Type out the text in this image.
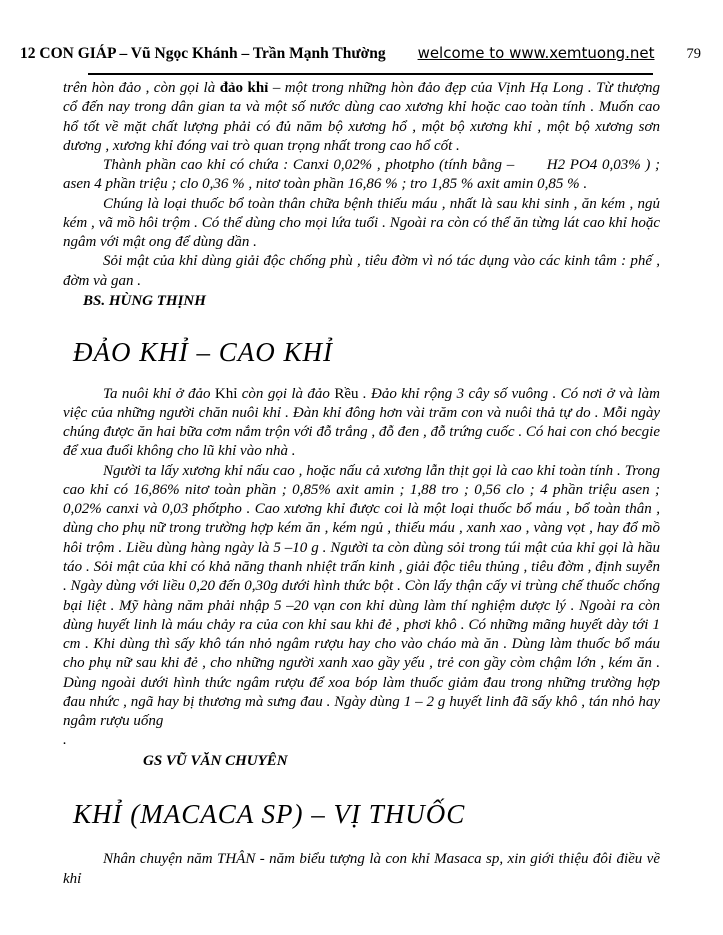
12 CON GIÁP – Vũ Ngọc Khánh – Trần Mạnh Thường welcome to www.xemtuong.net 79

trên hòn đảo , còn gọi là đảo khỉ – một trong những hòn đảo đẹp của Vịnh Hạ Long . Từ thượng cổ đến nay trong dân gian ta và một số nước dùng cao xương khỉ hoặc cao toàn tính . Muốn cao hổ tốt về mặt chất lượng phải có đủ năm bộ xương hổ , một bộ xương khỉ , một bộ xương sơn dương , xương khỉ đóng vai trò quan trọng nhất trong cao hổ cốt .

Thành phần cao khỉ có chứa : Canxi 0,02% , photpho (tính bằng –       H2 PO4 0,03% ) ; asen 4 phần triệu ; clo 0,36 % , nitơ toàn phần 16,86 % ; tro 1,85 % axit amin 0,85 % .

Chúng là loại thuốc bổ toàn thân chữa bệnh thiếu máu , nhất là sau khi sinh , ăn kém , ngủ kém , vã mồ hôi trộm . Có thể dùng cho mọi lứa tuổi . Ngoài ra còn có thể ăn từng lát cao khỉ hoặc ngâm với mật ong để dùng dần .

Sỏi mật của khỉ dùng giải độc chống phù , tiêu đờm vì nó tác dụng vào các kinh tâm : phế , đờm và gan .

BS. HÙNG THỊNH

ĐẢO KHỈ – CAO KHỈ

Ta nuôi khỉ ở đảo Khỉ còn gọi là đảo Rều . Đảo khỉ rộng 3 cây số vuông . Có nơi ở và làm việc của những người chăn nuôi khỉ . Đàn khỉ đông hơn vài trăm con và nuôi thả tự do . Mỗi ngày chúng được ăn hai bữa cơm nắm trộn với đỗ trắng , đỗ đen , đỗ trứng cuốc . Có hai con chó becgie để xua đuổi không cho lũ khỉ vào nhà .

Người ta lấy xương khỉ nấu cao , hoặc nấu cả xương lẫn thịt gọi là cao khỉ toàn tính . Trong cao khỉ có 16,86% nitơ toàn phần ; 0,85% axit amin ; 1,88 tro ; 0,56 clo ; 4 phần triệu asen ; 0,02% canxi và 0,03 phốtpho . Cao xương khỉ được coi là một loại thuốc bổ máu , bổ toàn thân , dùng cho phụ nữ trong trường hợp kém ăn , kém ngủ , thiếu máu , xanh xao , vàng vọt , hay đổ mồ hôi trộm . Liều dùng hàng ngày là 5 –10 g . Người ta còn dùng sỏi trong túi mật của khỉ gọi là hầu táo . Sỏi mật của khỉ có khả năng thanh nhiệt trấn kinh , giải độc tiêu thủng , tiêu đờm , định suyễn . Ngày dùng với liều 0,20 đến 0,30g dưới hình thức bột . Còn lấy thận cấy vi trùng chế thuốc chống bại liệt . Mỹ hàng năm phải nhập 5 –20 vạn con khỉ dùng làm thí nghiệm dược lý . Ngoài ra còn dùng huyết linh là máu chảy ra của con khỉ sau khi đẻ , phơi khô . Có những mãng huyết dày tới 1 cm . Khi dùng thì sấy khô tán nhỏ ngâm rượu hay cho vào cháo mà ăn . Dùng làm thuốc bổ máu cho phụ nữ sau khi đẻ , cho những người xanh xao gầy yếu , trẻ con gầy còm chậm lớn , kém ăn . Dùng ngoài dưới hình thức ngâm rượu để xoa bóp làm thuốc giảm đau trong những trường hợp đau nhức , ngã hay bị thương mà sưng đau . Ngày dùng 1 – 2 g huyết linh đã sấy khô , tán nhỏ hay ngâm rượu uống

.

GS VŨ VĂN CHUYÊN

KHỈ (MACACA SP) – VỊ THUỐC

Nhân chuyện năm THÂN - năm biểu tượng là con khỉ Masaca sp, xin giới thiệu đôi điều về khỉ
